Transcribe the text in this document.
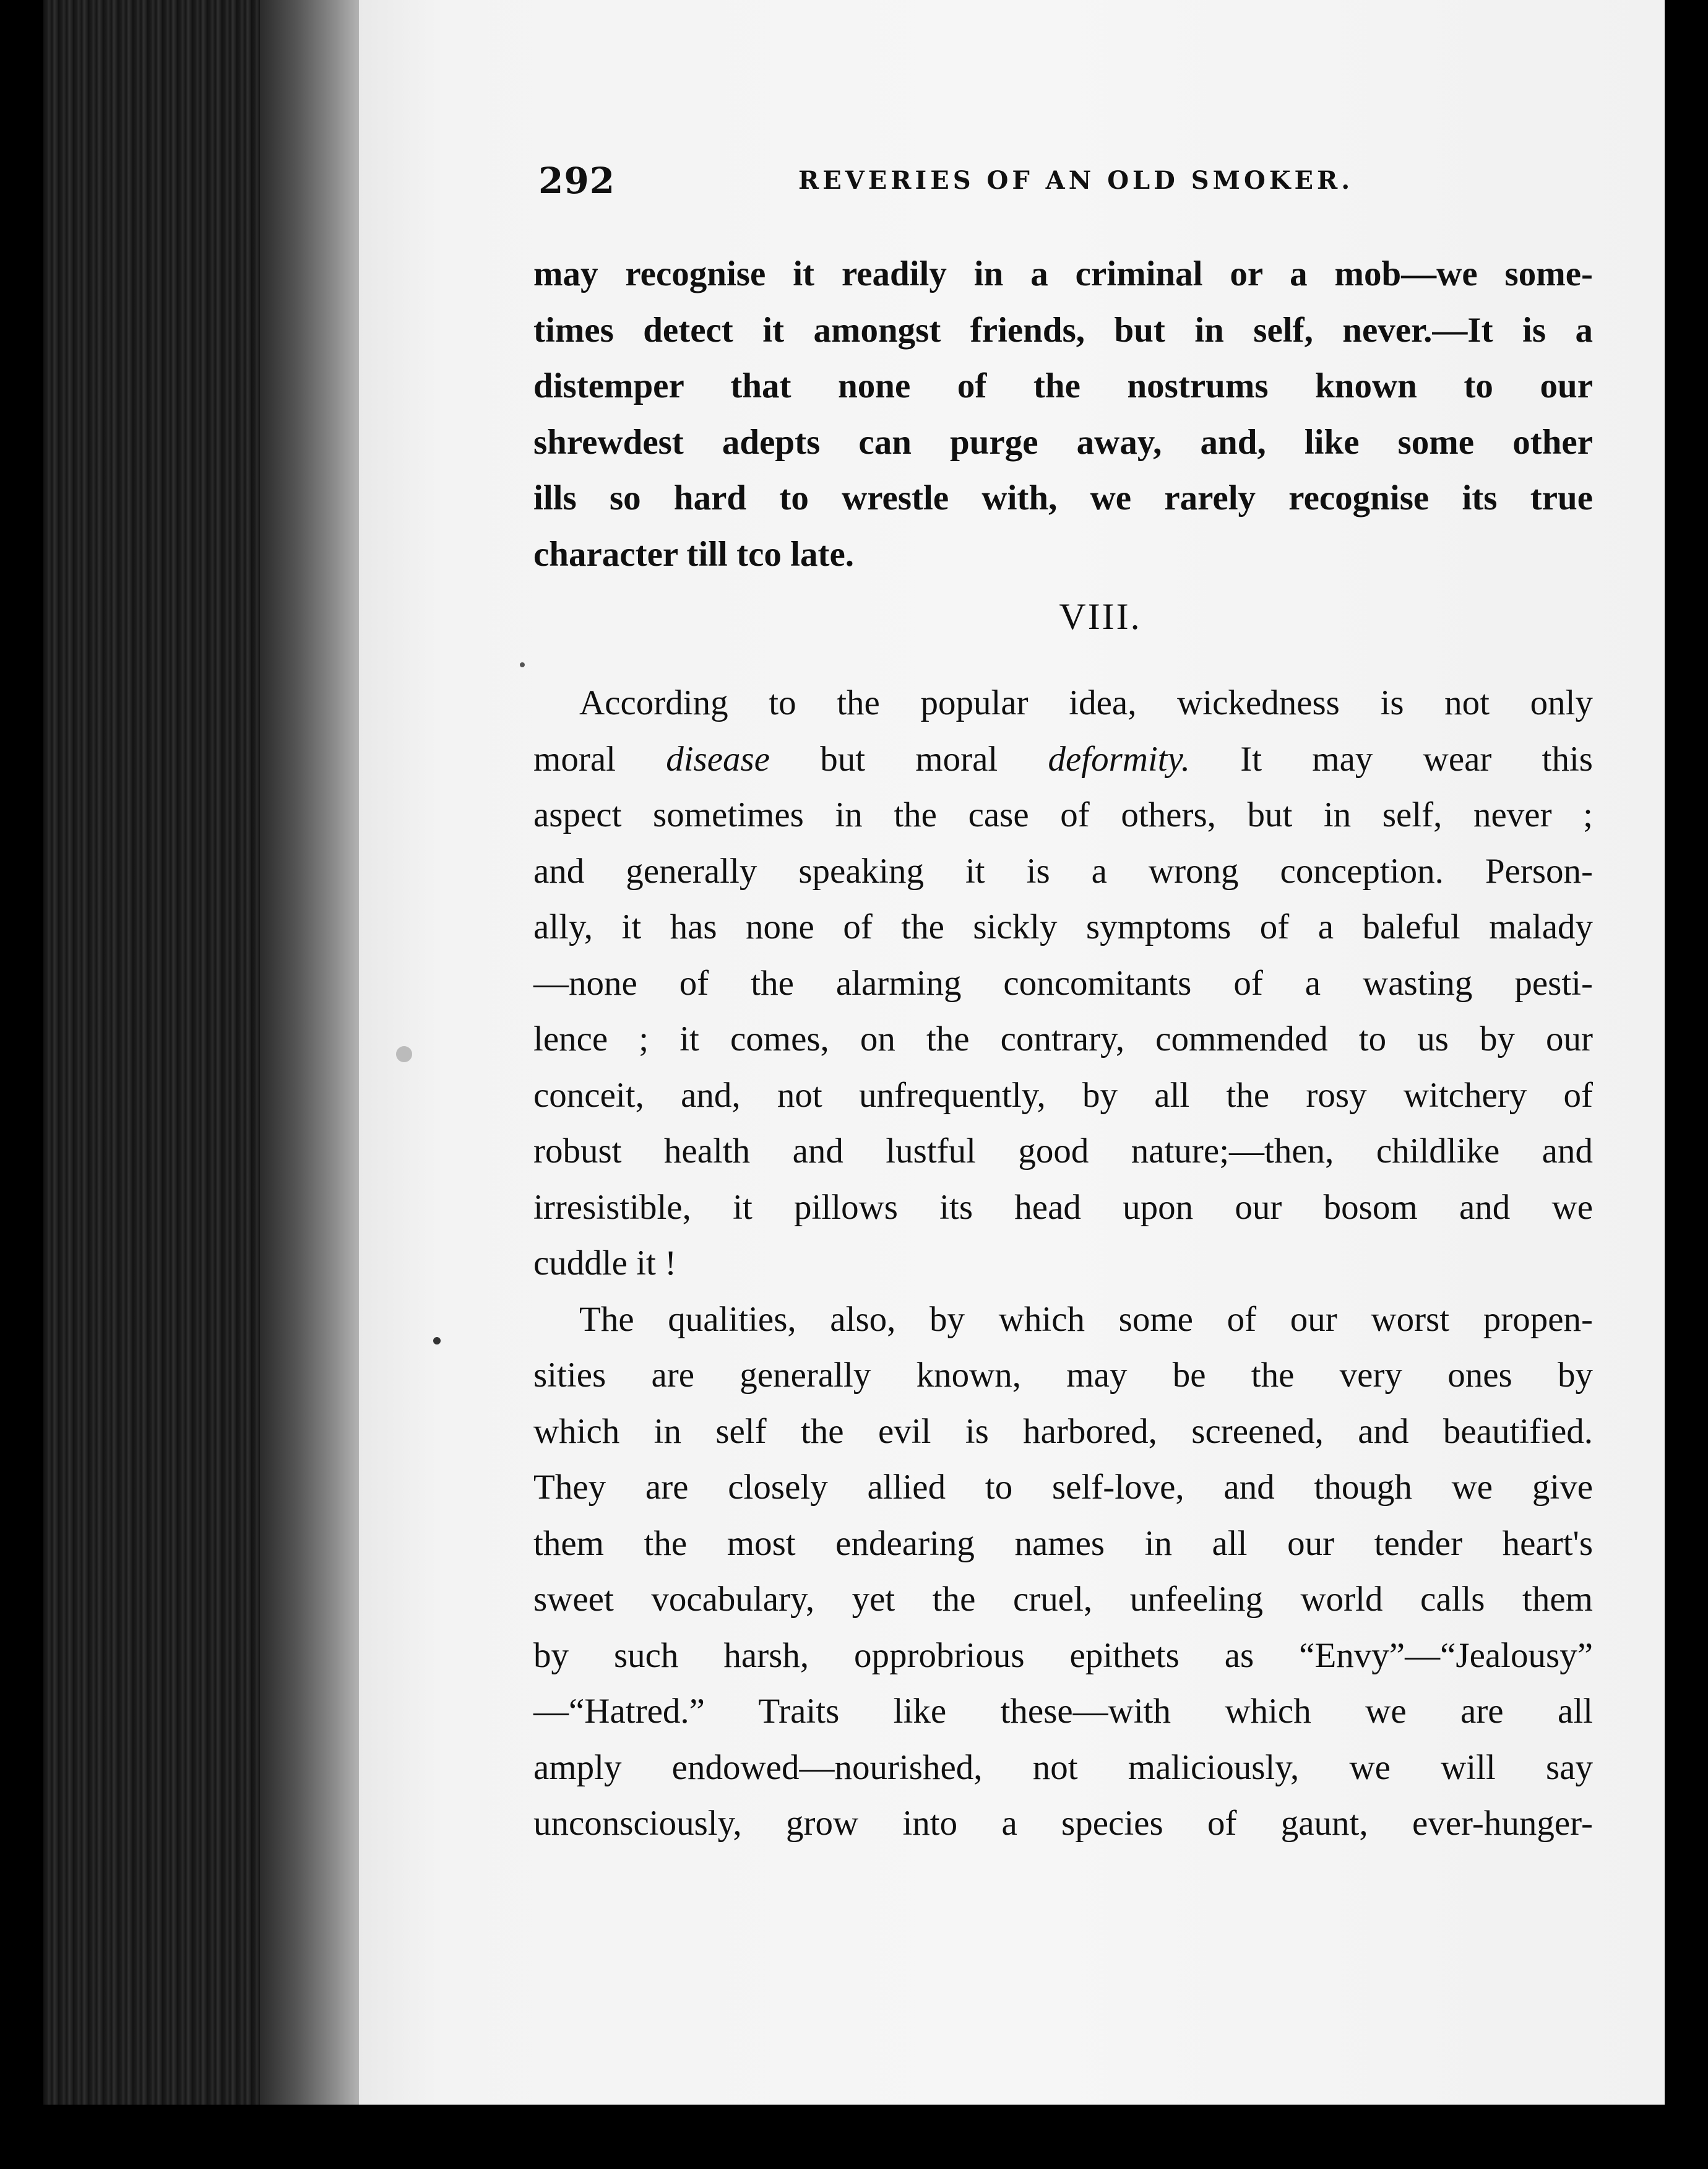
292	REVERIES OF AN OLD SMOKER.
may recognise it readily in a criminal or a mob—we some-
times detect it amongst friends, but in self, never.—It is a
distemper that none of the nostrums known to our
shrewdest adepts can purge away, and, like some other
ills so hard to wrestle with, we rarely recognise its true
character till tco late.
VIII.
According to the popular idea, wickedness is not only
moral disease but moral deformity. It may wear this
aspect sometimes in the case of others, but in self, never ;
and generally speaking it is a wrong conception. Person-
ally, it has none of the sickly symptoms of a baleful malady
—none of the alarming concomitants of a wasting pesti-
lence ; it comes, on the contrary, commended to us by our
conceit, and, not unfrequently, by all the rosy witchery of
robust health and lustful good nature;—then, childlike and
irresistible, it pillows its head upon our bosom and we
cuddle it !
The qualities, also, by which some of our worst propen-
sities are generally known, may be the very ones by
which in self the evil is harbored, screened, and beautified.
They are closely allied to self-love, and though we give
them the most endearing names in all our tender heart's
sweet vocabulary, yet the cruel, unfeeling world calls them
by such harsh, opprobrious epithets as “Envy”—“Jealousy”
—“Hatred.” Traits like these—with which we are all
amply endowed—nourished, not maliciously, we will say
unconsciously, grow into a species of gaunt, ever-hunger-
